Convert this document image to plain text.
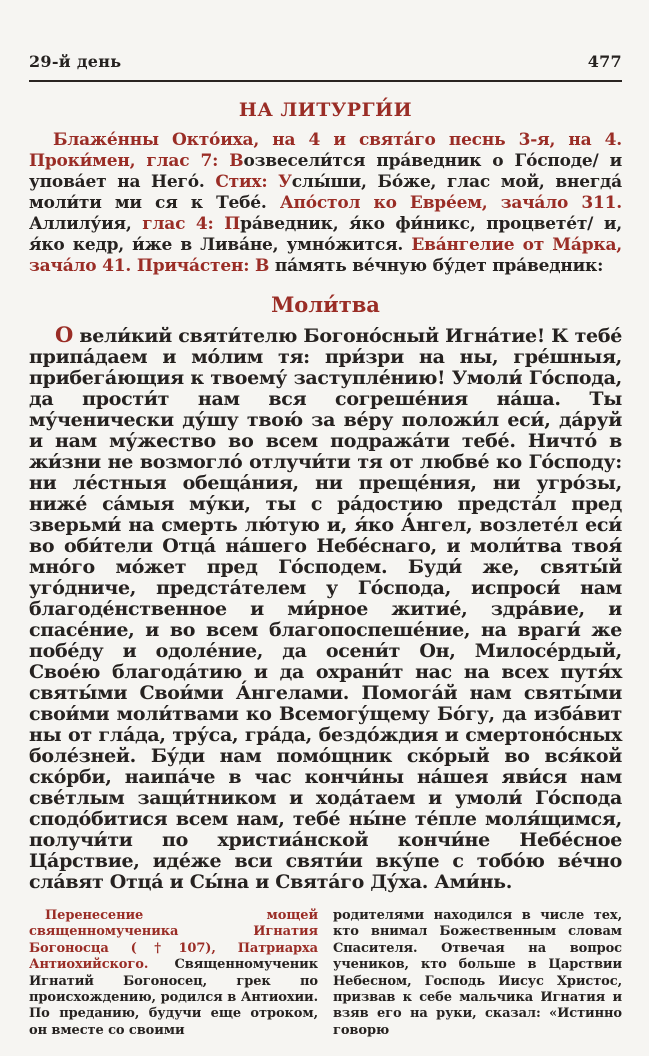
29-й день	477
НА ЛИТУРГИ́И

Блаже́нны Окто́иха, на 4 и свята́го песнь 3-я, на 4. Проки́мен, глас 7: Возвесели́тся пра́ведник о Го́споде/ и упова́ет на Него́. Стих: Услы́ши, Бо́же, глас мой, внегда́ моли́ти ми ся к Тебе́. Апо́стол ко Евре́ем, зача́ло 311. Аллилу́ия, глас 4: Пра́ведник, я́ко фи́никс, процвете́т/ и, я́ко кедр, и́же в Лива́не, умно́жится. Ева́нгелие от Ма́рка, зача́ло 41. Прича́стен: В па́мять ве́чную бу́дет пра́ведник:

Моли́тва

О вели́кий святи́телю Богоно́сный Игна́тие! К тебе́ припа́даем и мо́лим тя: при́зри на ны, гре́шныя, прибега́ющия к твоему́ заступле́нию! Умоли́ Го́спода, да прости́т нам вся согреше́ния на́ша. Ты му́ченически ду́шу твою́ за ве́ру положи́л еси́, да́руй и нам му́жество во всем подража́ти тебе́. Ничто́ в жи́зни не возмогло́ отлучи́ти тя от любве́ ко Го́споду: ни ле́стныя обеща́ния, ни преще́ния, ни угро́зы, ниже́ са́мыя му́ки, ты с ра́достию предста́л пред зверьми́ на смерть лю́тую и, я́ко А́нгел, возлете́л еси́ во оби́тели Отца́ на́шего Небе́снаго, и моли́тва твоя́ мно́го мо́жет пред Го́сподем. Буди́ же, святы́й уго́дниче, предста́телем у Го́спода, испроси́ нам благоде́нственное и ми́рное житие́, здра́вие, и спасе́ние, и во всем благопоспеше́ние, на враги́ же побе́ду и одоле́ние, да осени́т Он, Милосе́рдый, Свое́ю благода́тию и да охрани́т нас на всех путя́х святы́ми Свои́ми А́нгелами. Помога́й нам святы́ми свои́ми моли́твами ко Всемогу́щему Бо́гу, да изба́вит ны от гла́да, тру́са, гра́да, бездо́ждия и смертоно́сных боле́зней. Бу́ди нам помо́щник ско́рый во вся́кой ско́рби, наипа́че в час кончи́ны на́шея яви́ся нам све́тлым защи́тником и хода́таем и умоли́ Го́спода сподо́битися всем нам, тебе́ ны́не те́пле моля́щимся, получи́ти по христиа́нской кончи́не Небе́сное Ца́рствие, иде́же вси святи́и вку́пе с тобо́ю ве́чно сла́вят Отца́ и Сы́на и Свята́го Ду́ха. Ами́нь.

Перенесение мощей священномученика Игнатия Богоносца (†107), Патриарха Антиохийского. Священномученик Игнатий Богоносец, грек по происхождению, родился в Антиохии. По преданию, будучи еще отроком, он вместе со своими

родителями находился в числе тех, кто внимал Божественным словам Спасителя. Отвечая на вопрос учеников, кто больше в Царствии Небесном, Господь Иисус Христос, призвав к себе мальчика Игнатия и взяв его на руки, сказал: «Истинно говорю
